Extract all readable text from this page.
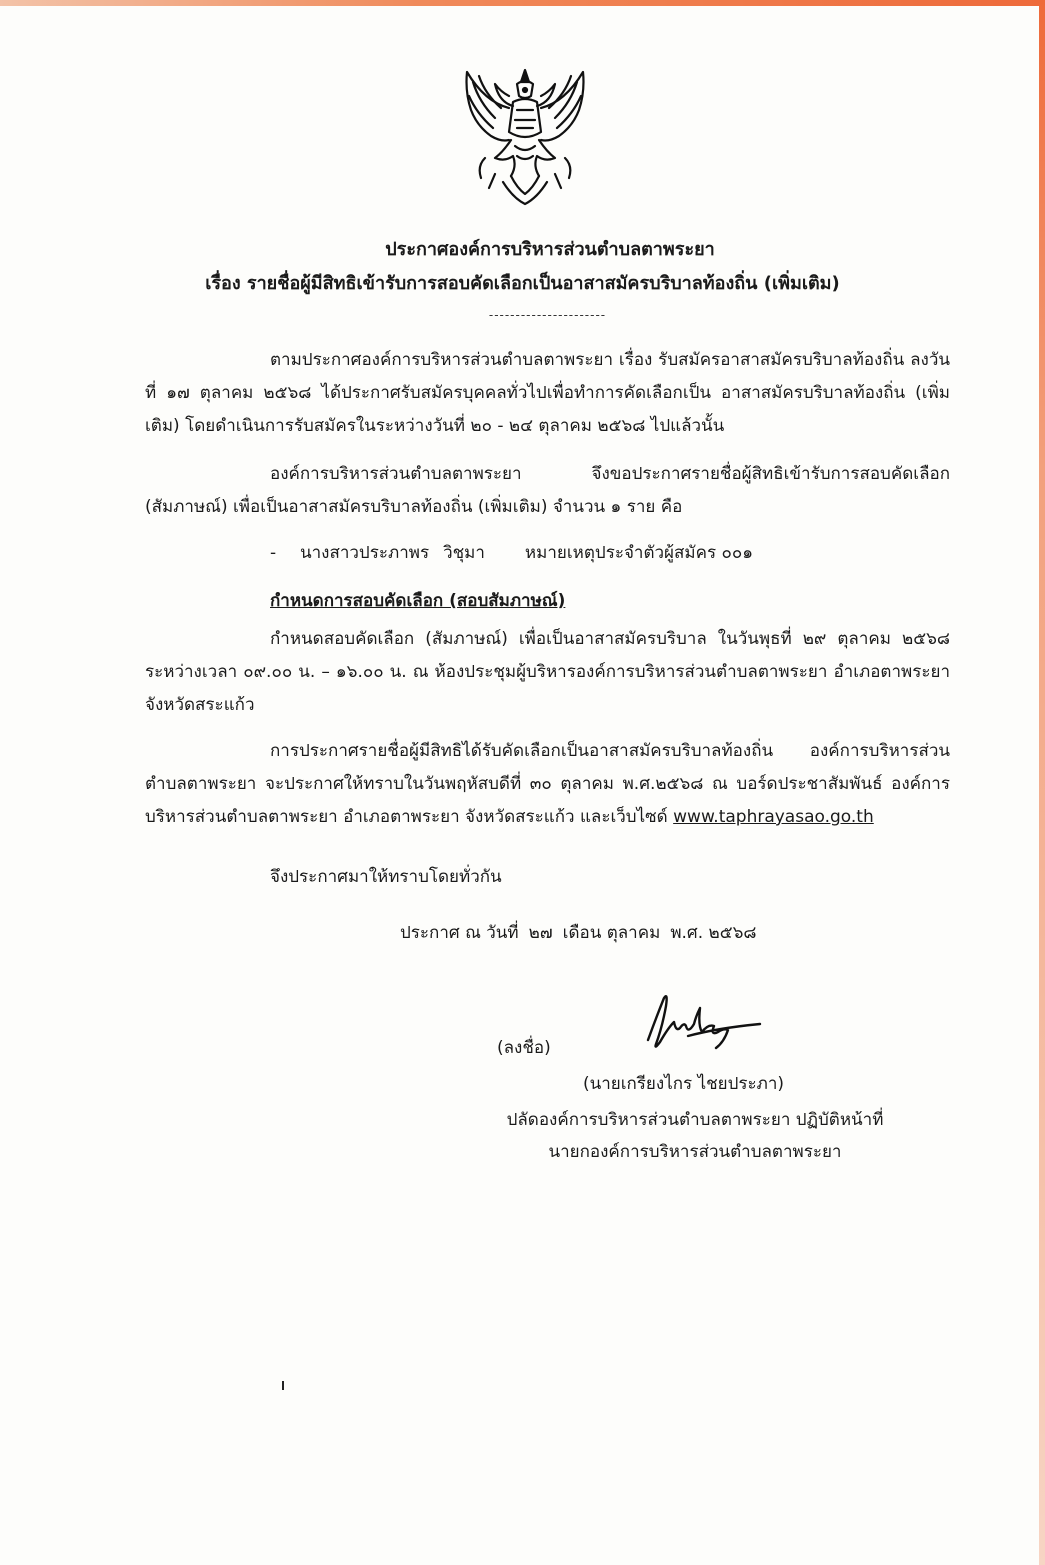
ประกาศองค์การบริหารส่วนตำบลตาพระยา
เรื่อง รายชื่อผู้มีสิทธิเข้ารับการสอบคัดเลือกเป็นอาสาสมัครบริบาลท้องถิ่น (เพิ่มเติม)
----------------------
ตามประกาศองค์การบริหารส่วนตำบลตาพระยา เรื่อง รับสมัครอาสาสมัครบริบาลท้องถิ่น ลงวันที่ ๑๗ ตุลาคม ๒๕๖๘ ได้ประกาศรับสมัครบุคคลทั่วไปเพื่อทำการคัดเลือกเป็น อาสาสมัครบริบาลท้องถิ่น (เพิ่มเติม) โดยดำเนินการรับสมัครในระหว่างวันที่ ๒๐ - ๒๔ ตุลาคม ๒๕๖๘ ไปแล้วนั้น
องค์การบริหารส่วนตำบลตาพระยา จึงขอประกาศรายชื่อผู้สิทธิเข้ารับการสอบคัดเลือก (สัมภาษณ์) เพื่อเป็นอาสาสมัครบริบาลท้องถิ่น (เพิ่มเติม) จำนวน ๑ ราย คือ
- นางสาวประภาพร วิชุมา หมายเหตุประจำตัวผู้สมัคร ๐๐๑
กำหนดการสอบคัดเลือก (สอบสัมภาษณ์)
กำหนดสอบคัดเลือก (สัมภาษณ์) เพื่อเป็นอาสาสมัครบริบาล ในวันพุธที่ ๒๙ ตุลาคม ๒๕๖๘ ระหว่างเวลา ๐๙.๐๐ น. – ๑๖.๐๐ น. ณ ห้องประชุมผู้บริหารองค์การบริหารส่วนตำบลตาพระยา อำเภอตาพระยา จังหวัดสระแก้ว
การประกาศรายชื่อผู้มีสิทธิได้รับคัดเลือกเป็นอาสาสมัครบริบาลท้องถิ่น องค์การบริหารส่วนตำบลตาพระยา จะประกาศให้ทราบในวันพฤหัสบดีที่ ๓๐ ตุลาคม พ.ศ.๒๕๖๘ ณ บอร์ดประชาสัมพันธ์ องค์การบริหารส่วนตำบลตาพระยา อำเภอตาพระยา จังหวัดสระแก้ว และเว็บไซด์ www.taphrayasao.go.th
จึงประกาศมาให้ทราบโดยทั่วกัน
ประกาศ ณ วันที่ ๒๗ เดือน ตุลาคม พ.ศ. ๒๕๖๘
(ลงชื่อ)
(นายเกรียงไกร ไชยประภา)
ปลัดองค์การบริหารส่วนตำบลตาพระยา ปฏิบัติหน้าที่
นายกองค์การบริหารส่วนตำบลตาพระยา
